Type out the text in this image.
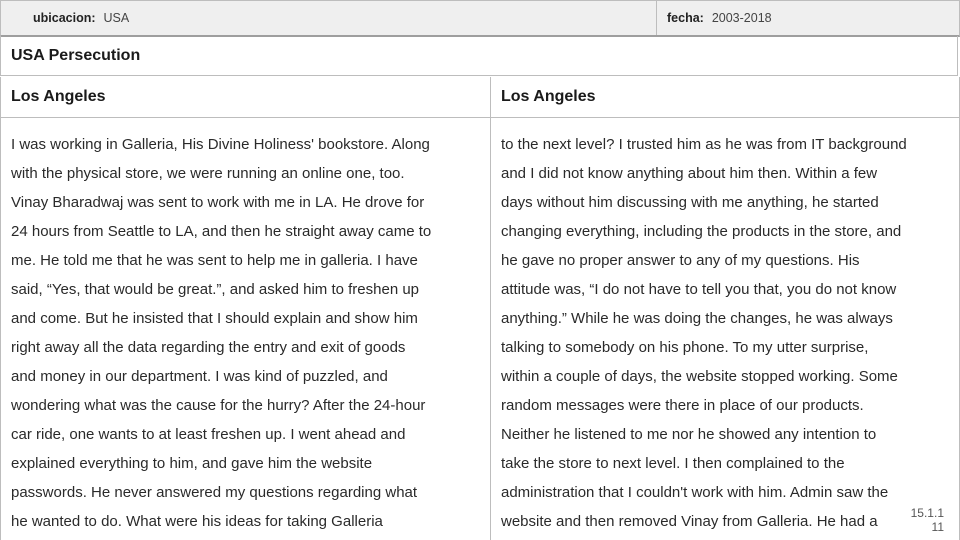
ubicacion: USA	fecha: 2003-2018
USA Persecution
Los Angeles	Los Angeles
I was working in Galleria, His Divine Holiness' bookstore. Along
with the physical store, we were running an online one, too.
Vinay Bharadwaj was sent to work with me in LA. He drove for
24 hours from Seattle to LA, and then he straight away came to
me. He told me that he was sent to help me in galleria. I have
said, “Yes, that would be great.”, and asked him to freshen up
and come. But he insisted that I should explain and show him
right away all the data regarding the entry and exit of goods
and money in our department. I was kind of puzzled, and
wondering what was the cause for the hurry? After the 24-hour
car ride, one wants to at least freshen up. I went ahead and
explained everything to him, and gave him the website
passwords. He never answered my questions regarding what
he wanted to do. What were his ideas for taking Galleria
to the next level? I trusted him as he was from IT background
and I did not know anything about him then. Within a few
days without him discussing with me anything, he started
changing everything, including the products in the store, and
he gave no proper answer to any of my questions. His
attitude was, “I do not have to tell you that, you do not know
anything.” While he was doing the changes, he was always
talking to somebody on his phone. To my utter surprise,
within a couple of days, the website stopped working. Some
random messages were there in place of our products.
Neither he listened to me nor he showed any intention to
take the store to next level. I then complained to the
administration that I couldn't work with him. Admin saw the
website and then removed Vinay from Galleria. He had a	15.1.1
11
